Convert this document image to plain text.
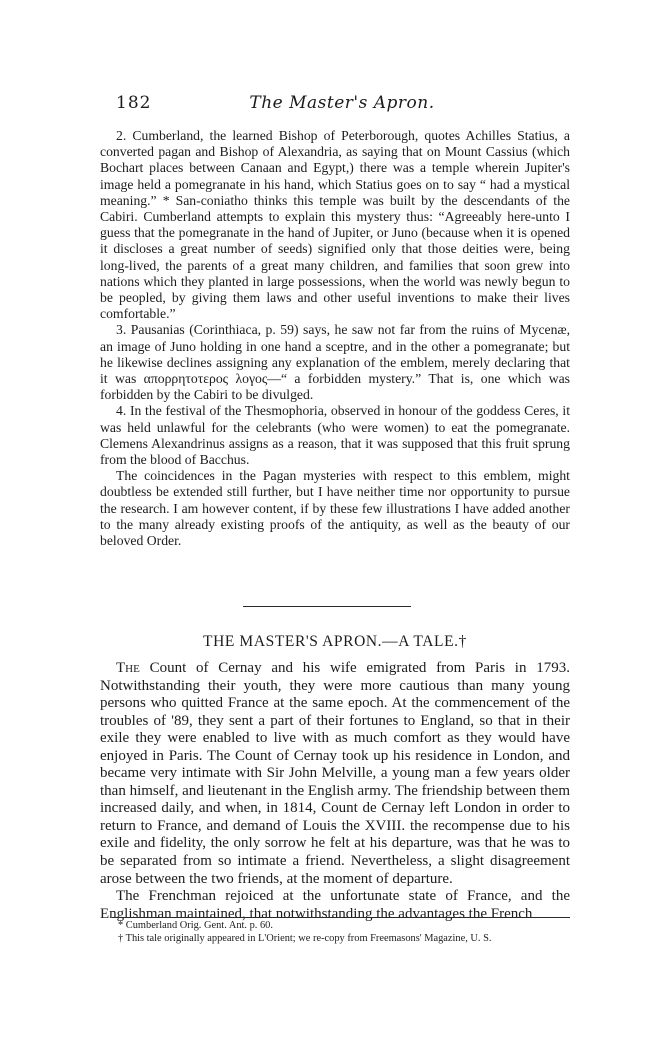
182	The Master's Apron.

2. Cumberland, the learned Bishop of Peterborough, quotes Achilles Statius, a converted pagan and Bishop of Alexandria, as saying that on Mount Cassius (which Bochart places between Canaan and Egypt,) there was a temple wherein Jupiter's image held a pomegranate in his hand, which Statius goes on to say “ had a mystical meaning.” * San-coniatho thinks this temple was built by the descendants of the Cabiri. Cumberland attempts to explain this mystery thus: “Agreeably here-unto I guess that the pomegranate in the hand of Jupiter, or Juno (because when it is opened it discloses a great number of seeds) signified only that those deities were, being long-lived, the parents of a great many children, and families that soon grew into nations which they planted in large possessions, when the world was newly begun to be peopled, by giving them laws and other useful inventions to make their lives comfortable.”

3. Pausanias (Corinthiaca, p. 59) says, he saw not far from the ruins of Mycenæ, an image of Juno holding in one hand a sceptre, and in the other a pomegranate; but he likewise declines assigning any explanation of the emblem, merely declaring that it was απορρητοτερος λογος—“ a forbidden mystery.” That is, one which was forbidden by the Cabiri to be divulged.

4. In the festival of the Thesmophoria, observed in honour of the goddess Ceres, it was held unlawful for the celebrants (who were women) to eat the pomegranate. Clemens Alexandrinus assigns as a reason, that it was supposed that this fruit sprung from the blood of Bacchus.

The coincidences in the Pagan mysteries with respect to this emblem, might doubtless be extended still further, but I have neither time nor opportunity to pursue the research. I am however content, if by these few illustrations I have added another to the many already existing proofs of the antiquity, as well as the beauty of our beloved Order.

THE MASTER'S APRON.—A TALE.†

The Count of Cernay and his wife emigrated from Paris in 1793. Notwithstanding their youth, they were more cautious than many young persons who quitted France at the same epoch. At the commencement of the troubles of '89, they sent a part of their fortunes to England, so that in their exile they were enabled to live with as much comfort as they would have enjoyed in Paris. The Count of Cernay took up his residence in London, and became very intimate with Sir John Melville, a young man a few years older than himself, and lieutenant in the English army. The friendship between them increased daily, and when, in 1814, Count de Cernay left London in order to return to France, and demand of Louis the XVIII. the recompense due to his exile and fidelity, the only sorrow he felt at his departure, was that he was to be separated from so intimate a friend. Nevertheless, a slight disagreement arose between the two friends, at the moment of departure.

The Frenchman rejoiced at the unfortunate state of France, and the Englishman maintained, that notwithstanding the advantages the French

* Cumberland Orig. Gent. Ant. p. 60.
† This tale originally appeared in L'Orient; we re-copy from Freemasons' Magazine, U. S.
